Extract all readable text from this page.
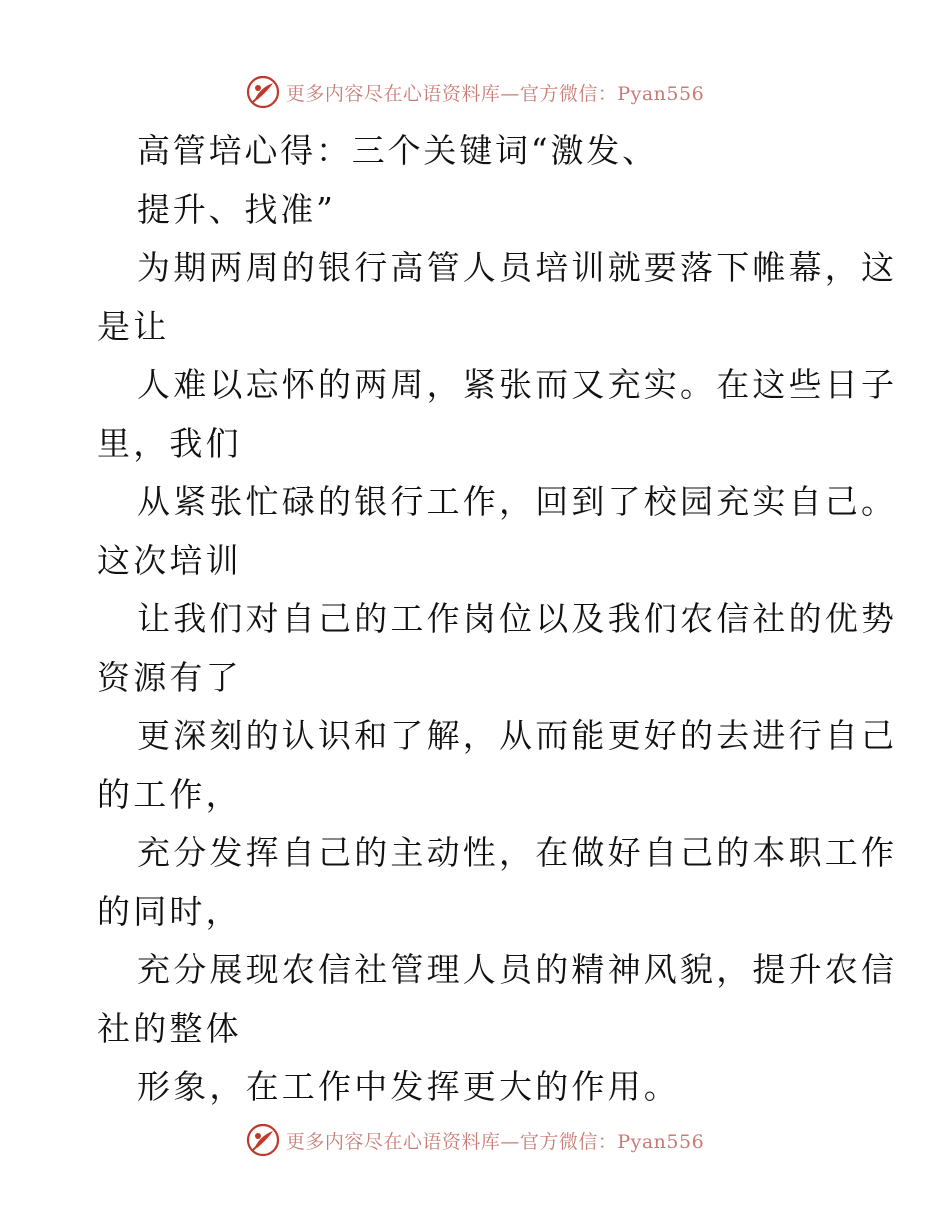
更多内容尽在心语资料库—官方微信：Pyan556
高管培心得：三个关键词“激发、
提升、找准”
为期两周的银行高管人员培训就要落下帷幕，这
是让
人难以忘怀的两周，紧张而又充实。在这些日子
里，我们
从紧张忙碌的银行工作，回到了校园充实自己。
这次培训
让我们对自己的工作岗位以及我们农信社的优势
资源有了
更深刻的认识和了解，从而能更好的去进行自己
的工作，
充分发挥自己的主动性，在做好自己的本职工作
的同时，
充分展现农信社管理人员的精神风貌，提升农信
社的整体
形象，在工作中发挥更大的作用。
更多内容尽在心语资料库—官方微信：Pyan556
